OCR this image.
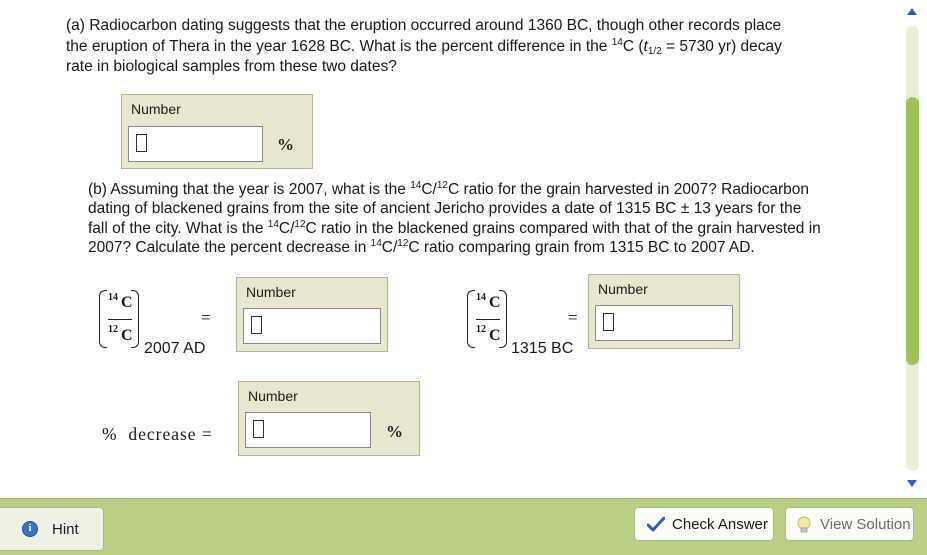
(a) Radiocarbon dating suggests that the eruption occurred around 1360 BC, though other records place
the eruption of Thera in the year 1628 BC. What is the percent difference in the $^{14}$C ($t_{1/2} = 5730$ yr) decay
rate in biological samples from these two dates?
Number
%
(b) Assuming that the year is 2007, what is the $^{14}$C/$^{12}$C ratio for the grain harvested in 2007? Radiocarbon
dating of blackened grains from the site of ancient Jericho provides a date of 1315 BC ± 13 years for the
fall of the city. What is the $^{14}$C/$^{12}$C ratio in the blackened grains compared with that of the grain harvested in
2007? Calculate the percent decrease in $^{14}$C/$^{12}$C ratio comparing grain from 1315 BC to 2007 AD.
14 C
12 C
2007 AD
=
Number	14 C
12 C
1315 BC
=
Number
%  decrease =
Number
%
i	Hint	Check Answer	View Solution
